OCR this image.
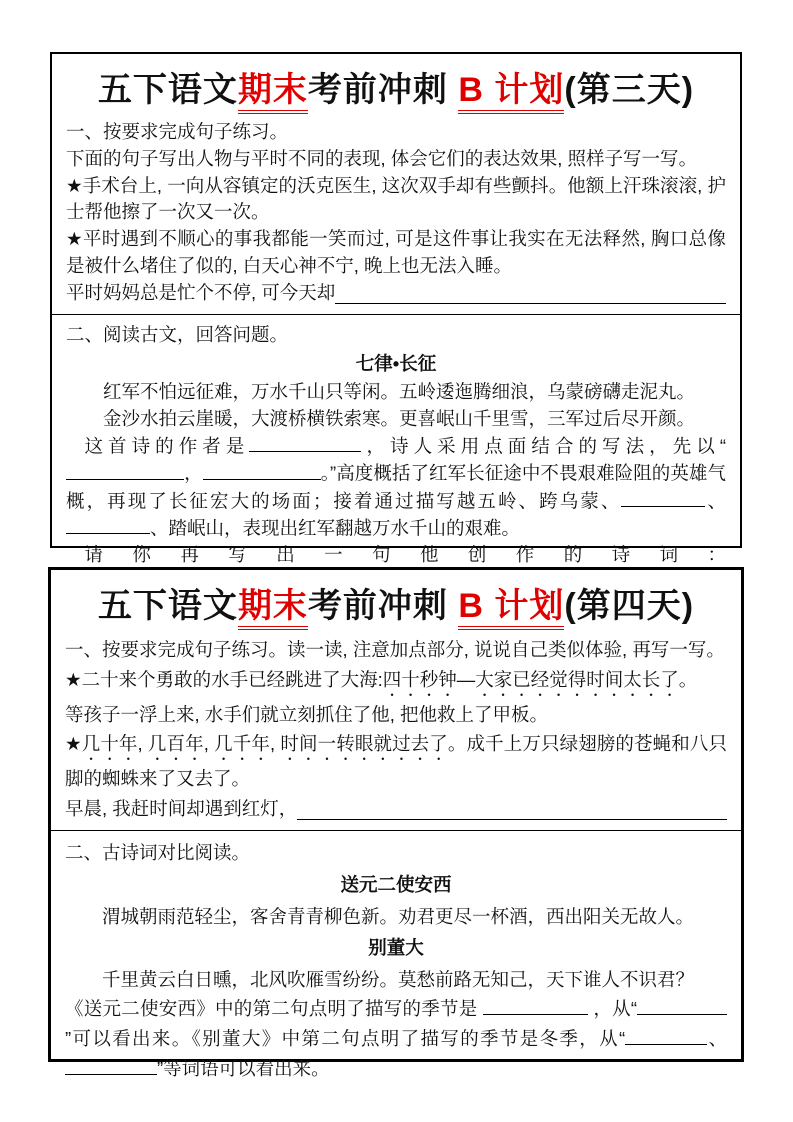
五下语文期末考前冲刺 B 计划(第三天)

一、按要求完成句子练习。

下面的句子写出人物与平时不同的表现, 体会它们的表达效果, 照样子写一写。

★手术台上, 一向从容镇定的沃克医生, 这次双手却有些颤抖。他额上汗珠滚滚, 护士帮他擦了一次又一次。

★平时遇到不顺心的事我都能一笑而过, 可是这件事让我实在无法释然, 胸口总像是被什么堵住了似的, 白天心神不宁, 晚上也无法入睡。

平时妈妈总是忙个不停, 可今天却

二、阅读古文，回答问题。

七律•长征

红军不怕远征难，万水千山只等闲。五岭逶迤腾细浪，乌蒙磅礴走泥丸。

金沙水拍云崖暖，大渡桥横铁索寒。更喜岷山千里雪，三军过后尽开颜。

这首诗的作者是	，诗人采用点面结合的写法，先以“，	。”高度概括了红军长征途中不畏艰难险阻的英雄气概，再现了长征宏大的场面；接着通过描写越五岭、跨乌蒙、	、、踏岷山，表现出红军翻越万水千山的艰难。

请你再写出一句他创作的诗词：

五下语文期末考前冲刺 B 计划(第四天)

一、按要求完成句子练习。读一读, 注意加点部分, 说说自己类似体验, 再写一写。

★二十来个勇敢的水手已经跳进了大海:四十秒钟—大家已经觉得时间太长了。

等孩子一浮上来, 水手们就立刻抓住了他, 把他救上了甲板。

★几十年, 几百年, 几千年, 时间一转眼就过去了。成千上万只绿翅膀的苍蝇和八只脚的蜘蛛来了又去了。

早晨, 我赶时间却遇到红灯，

二、古诗词对比阅读。

送元二使安西

渭城朝雨范轻尘，客舍青青柳色新。劝君更尽一杯酒，西出阳关无故人。

别董大

千里黄云白日曛，北风吹雁雪纷纷。莫愁前路无知己，天下谁人不识君？

《送元二使安西》中的第二句点明了描写的季节是	，从“”可以看出来。《别董大》中第二句点明了描写的季节是冬季，从“	、”等词语可以看出来。
